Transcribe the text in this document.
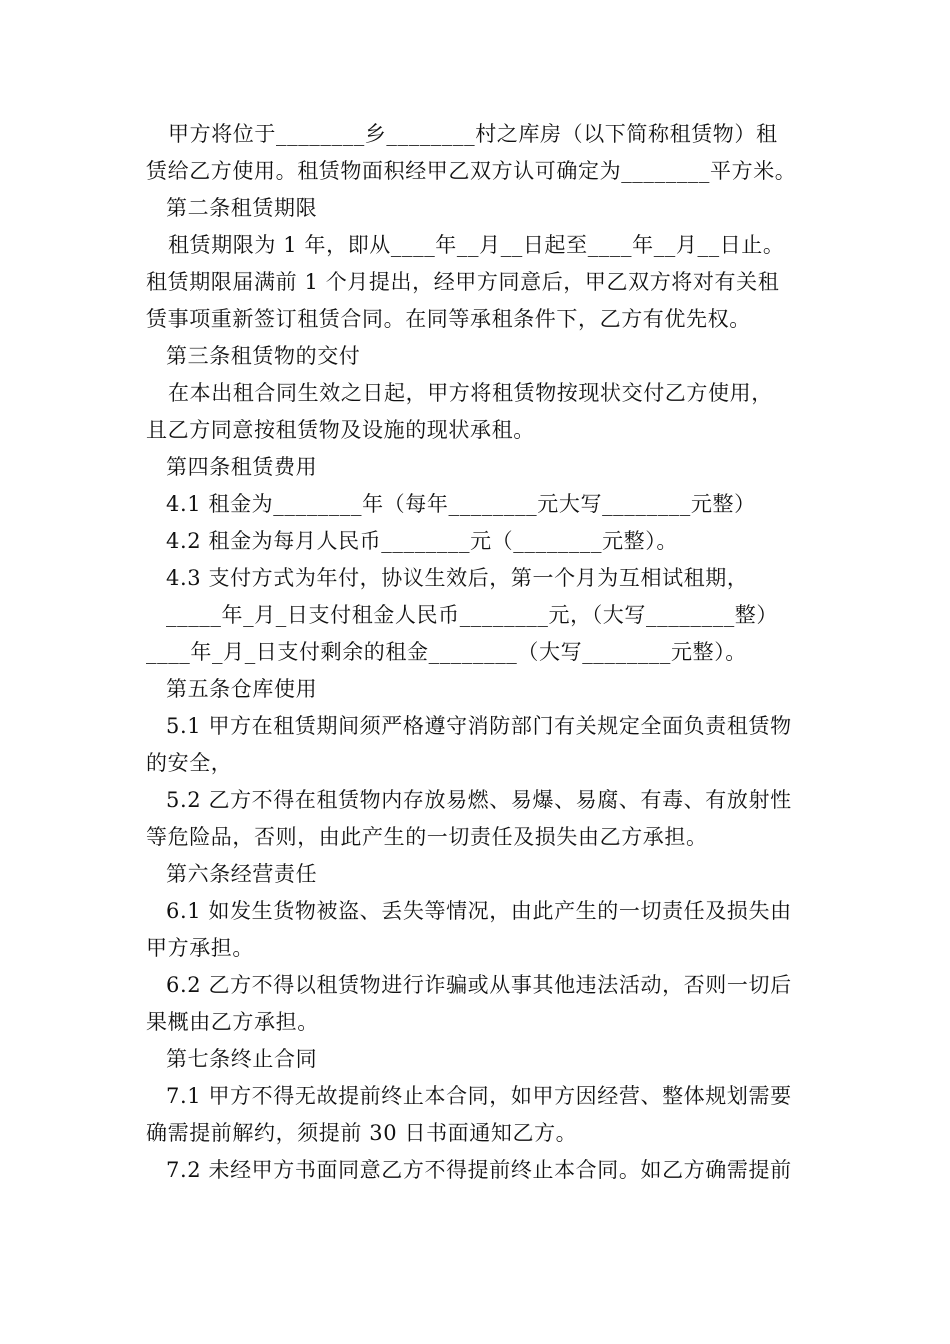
甲方将位于________乡________村之库房（以下简称租赁物）租
赁给乙方使用。租赁物面积经甲乙双方认可确定为________平方米。
第二条租赁期限
租赁期限为 1 年，即从____年__月__日起至____年__月__日止。
租赁期限届满前 1 个月提出，经甲方同意后，甲乙双方将对有关租
赁事项重新签订租赁合同。在同等承租条件下，乙方有优先权。
第三条租赁物的交付
在本出租合同生效之日起，甲方将租赁物按现状交付乙方使用，
且乙方同意按租赁物及设施的现状承租。
第四条租赁费用
4.1 租金为________年（每年________元大写________元整）
4.2 租金为每月人民币________元（________元整）。
4.3 支付方式为年付，协议生效后，第一个月为互相试租期，
_____年_月_日支付租金人民币________元，（大写________整）
____年_月_日支付剩余的租金________（大写________元整）。
第五条仓库使用
5.1 甲方在租赁期间须严格遵守消防部门有关规定全面负责租赁物
的安全，
5.2 乙方不得在租赁物内存放易燃、易爆、易腐、有毒、有放射性
等危险品，否则，由此产生的一切责任及损失由乙方承担。
第六条经营责任
6.1 如发生货物被盗、丢失等情况，由此产生的一切责任及损失由
甲方承担。
6.2 乙方不得以租赁物进行诈骗或从事其他违法活动，否则一切后
果概由乙方承担。
第七条终止合同
7.1 甲方不得无故提前终止本合同，如甲方因经营、整体规划需要
确需提前解约，须提前 30 日书面通知乙方。
7.2 未经甲方书面同意乙方不得提前终止本合同。如乙方确需提前
